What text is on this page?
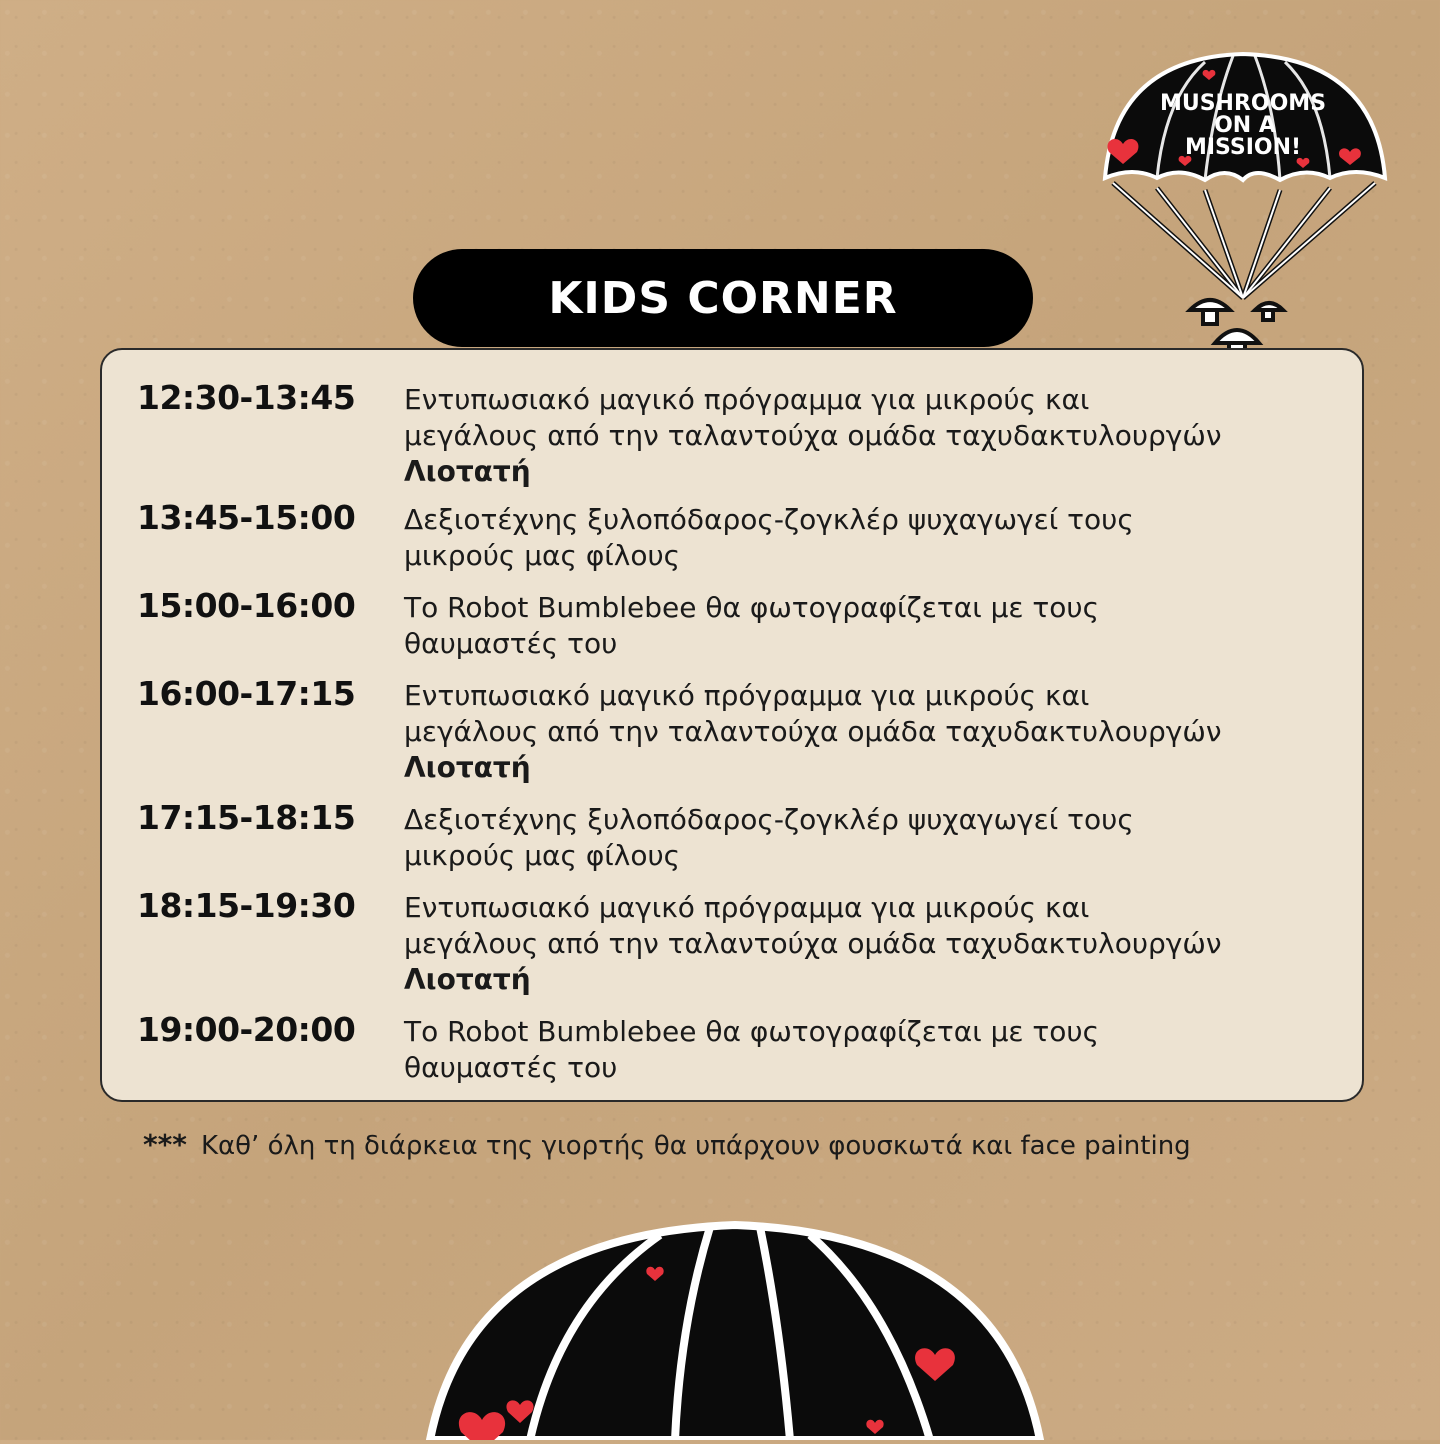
MUSHROOMS
ON A
MISSION!
KIDS CORNER
12:30-13:45 Εντυπωσιακό μαγικό πρόγραμμα για μικρούς και
μεγάλους από την ταλαντούχα ομάδα ταχυδακτυλουργών
Λιοτατή
13:45-15:00 Δεξιοτέχνης ξυλοπόδαρος-ζογκλέρ ψυχαγωγεί τους
μικρούς μας φίλους
15:00-16:00 Το Robot Bumblebee θα φωτογραφίζεται με τους
θαυμαστές του
16:00-17:15 Εντυπωσιακό μαγικό πρόγραμμα για μικρούς και
μεγάλους από την ταλαντούχα ομάδα ταχυδακτυλουργών
Λιοτατή
17:15-18:15 Δεξιοτέχνης ξυλοπόδαρος-ζογκλέρ ψυχαγωγεί τους
μικρούς μας φίλους
18:15-19:30 Εντυπωσιακό μαγικό πρόγραμμα για μικρούς και
μεγάλους από την ταλαντούχα ομάδα ταχυδακτυλουργών
Λιοτατή
19:00-20:00 Το Robot Bumblebee θα φωτογραφίζεται με τους
θαυμαστές του
*** Καθ’ όλη τη διάρκεια της γιορτής θα υπάρχουν φουσκωτά και face painting
